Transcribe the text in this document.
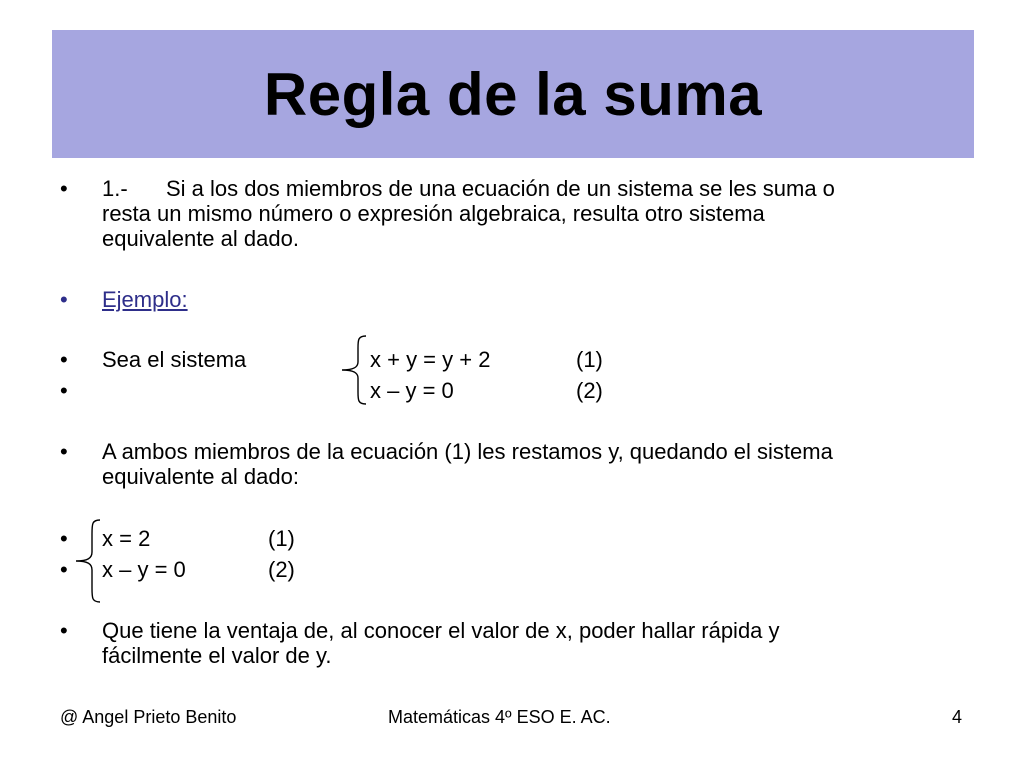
Regla de la suma
• 1.- Si a los dos miembros de una ecuación de un sistema se les suma o
resta un mismo número o expresión algebraica, resulta otro sistema
equivalente al dado.
• Ejemplo:
• Sea el sistema	x + y = y + 2	(1)
•	x – y = 0	(2)
• A ambos miembros de la ecuación (1) les restamos y, quedando el sistema
equivalente al dado:
• x = 2	(1)
• x – y = 0	(2)
• Que tiene la ventaja de, al conocer el valor de x, poder hallar rápida y
fácilmente el valor de y.
@ Angel Prieto Benito	Matemáticas 4º ESO E. AC.	4
